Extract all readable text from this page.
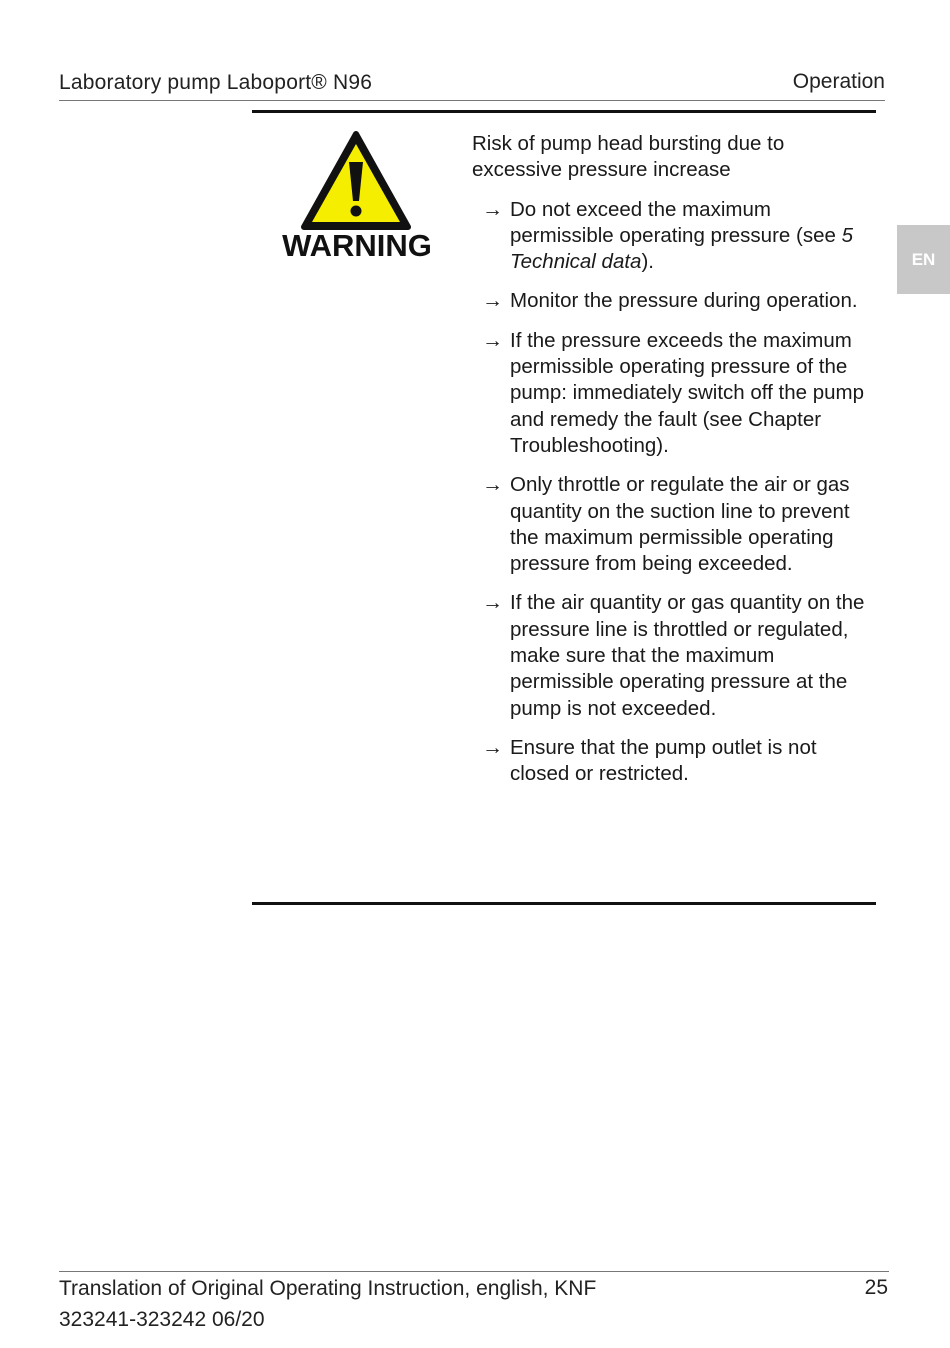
Laboratory pump Laboport® N96	Operation
EN
WARNING

Risk of pump head bursting due to excessive pressure increase

→ Do not exceed the maximum permissible operating pressure (see 5 Technical data).
→ Monitor the pressure during operation.
→ If the pressure exceeds the maximum permissible operating pressure of the pump: immediately switch off the pump and remedy the fault (see Chapter Troubleshooting).
→ Only throttle or regulate the air or gas quantity on the suction line to prevent the maximum permissible operating pressure from being exceeded.
→ If the air quantity or gas quantity on the pressure line is throttled or regulated, make sure that the maximum permissible operating pressure at the pump is not exceeded.
→ Ensure that the pump outlet is not closed or restricted.
Translation of Original Operating Instruction, english, KNF
323241-323242 06/20
25
